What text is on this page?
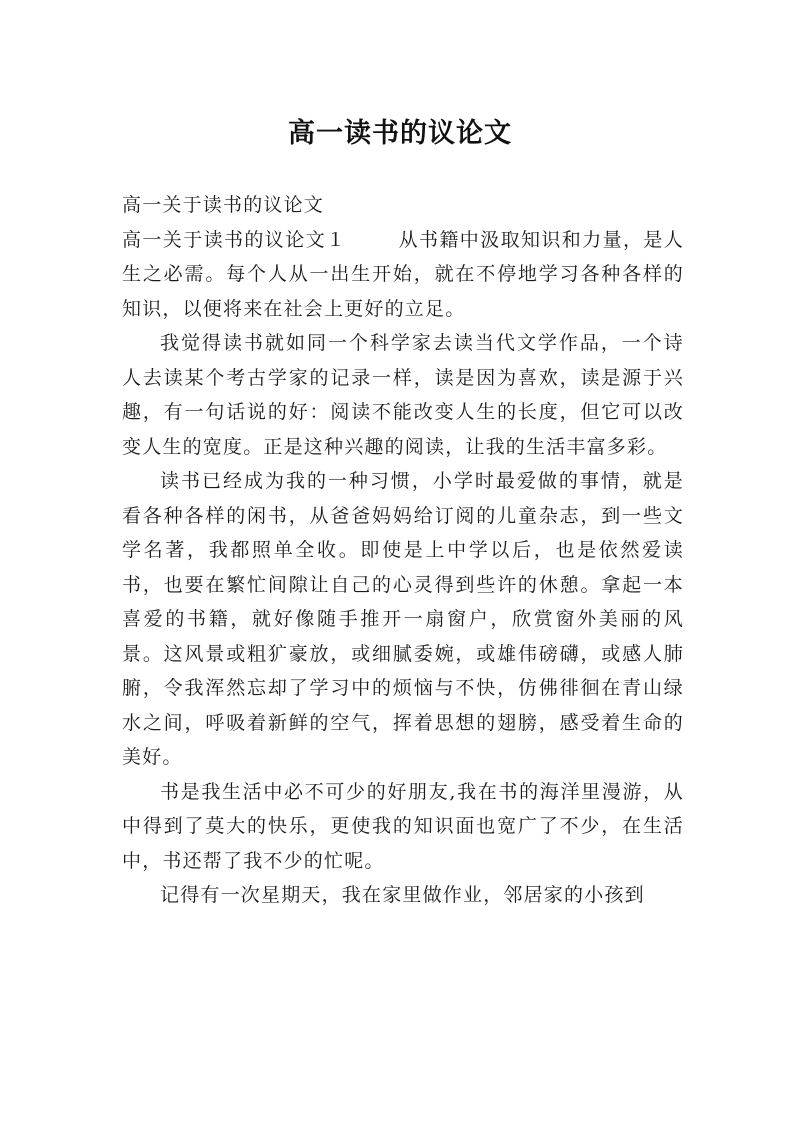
高一读书的议论文

高一关于读书的议论文

高一关于读书的议论文１	从书籍中汲取知识和力量，是人生之必需。每个人从一出生开始，就在不停地学习各种各样的知识，以便将来在社会上更好的立足。

我觉得读书就如同一个科学家去读当代文学作品，一个诗人去读某个考古学家的记录一样，读是因为喜欢，读是源于兴趣，有一句话说的好：阅读不能改变人生的长度，但它可以改变人生的宽度。正是这种兴趣的阅读，让我的生活丰富多彩。

读书已经成为我的一种习惯，小学时最爱做的事情，就是看各种各样的闲书，从爸爸妈妈给订阅的儿童杂志，到一些文学名著，我都照单全收。即使是上中学以后，也是依然爱读书，也要在繁忙间隙让自己的心灵得到些许的休憩。拿起一本喜爱的书籍，就好像随手推开一扇窗户，欣赏窗外美丽的风景。这风景或粗犷豪放，或细腻委婉，或雄伟磅礴，或感人肺腑，令我浑然忘却了学习中的烦恼与不快，仿佛徘徊在青山绿水之间，呼吸着新鲜的空气，挥着思想的翅膀，感受着生命的美好。

书是我生活中必不可少的好朋友,我在书的海洋里漫游，从中得到了莫大的快乐，更使我的知识面也宽广了不少，在生活中，书还帮了我不少的忙呢。

记得有一次星期天，我在家里做作业，邻居家的小孩到
